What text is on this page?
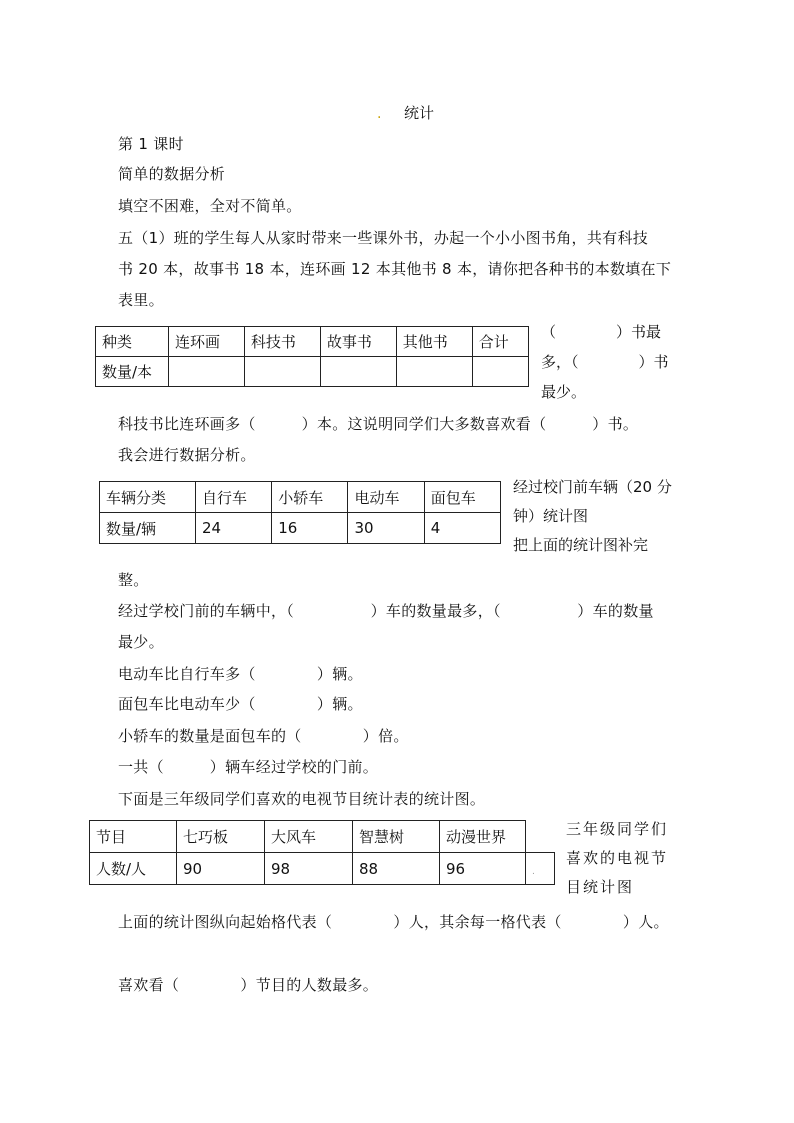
. 统计
第 1 课时
简单的数据分析
填空不困难，全对不简单。
五（1）班的学生每人从家时带来一些课外书，办起一个小小图书角，共有科技
书 20 本，故事书 18 本，连环画 12 本其他书 8 本，请你把各种书的本数填在下
表里。
种类	连环画	科技书	故事书	其他书	合计
数量/本					
（　　　　）书最
多，（　　　　）书
最少。
科技书比连环画多（　　　）本。这说明同学们大多数喜欢看（　　　）书。
我会进行数据分析。
车辆分类	自行车	小轿车	电动车	面包车
数量/辆	24	16	30	4
经过校门前车辆（20 分
钟）统计图
把上面的统计图补完
整。
经过学校门前的车辆中，（　　　　　）车的数量最多，（　　　　　）车的数量
最少。
电动车比自行车多（　　　　）辆。
面包车比电动车少（　　　　）辆。
小轿车的数量是面包车的（　　　　）倍。
一共（　　　）辆车经过学校的门前。
下面是三年级同学们喜欢的电视节目统计表的统计图。
节目	七巧板	大风车	智慧树	动漫世界	
人数/人	90	98	88	96	.
三年级同学们
喜欢的电视节
目统计图
上面的统计图纵向起始格代表（　　　　）人，其余每一格代表（　　　　）人。
喜欢看（　　　　）节目的人数最多。
